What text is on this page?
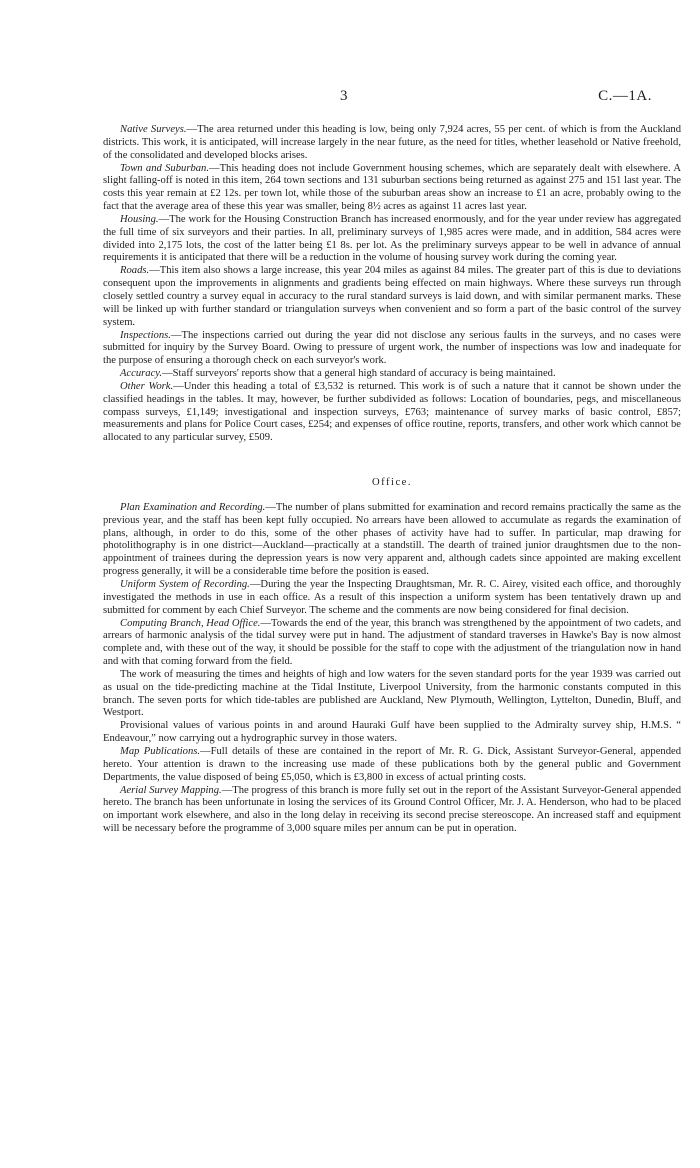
3	C.—1A.

Native Surveys.—The area returned under this heading is low, being only 7,924 acres, 55 per cent. of which is from the Auckland districts. This work, it is anticipated, will increase largely in the near future, as the need for titles, whether leasehold or Native freehold, of the consolidated and developed blocks arises.

Town and Suburban.—This heading does not include Government housing schemes, which are separately dealt with elsewhere. A slight falling-off is noted in this item, 264 town sections and 131 suburban sections being returned as against 275 and 151 last year. The costs this year remain at £2 12s. per town lot, while those of the suburban areas show an increase to £1 an acre, probably owing to the fact that the average area of these this year was smaller, being 8½ acres as against 11 acres last year.

Housing.—The work for the Housing Construction Branch has increased enormously, and for the year under review has aggregated the full time of six surveyors and their parties. In all, preliminary surveys of 1,985 acres were made, and in addition, 584 acres were divided into 2,175 lots, the cost of the latter being £1 8s. per lot. As the preliminary surveys appear to be well in advance of annual requirements it is anticipated that there will be a reduction in the volume of housing survey work during the coming year.

Roads.—This item also shows a large increase, this year 204 miles as against 84 miles. The greater part of this is due to deviations consequent upon the improvements in alignments and gradients being effected on main highways. Where these surveys run through closely settled country a survey equal in accuracy to the rural standard surveys is laid down, and with similar permanent marks. These will be linked up with further standard or triangulation surveys when convenient and so form a part of the basic control of the survey system.

Inspections.—The inspections carried out during the year did not disclose any serious faults in the surveys, and no cases were submitted for inquiry by the Survey Board. Owing to pressure of urgent work, the number of inspections was low and inadequate for the purpose of ensuring a thorough check on each surveyor's work.

Accuracy.—Staff surveyors' reports show that a general high standard of accuracy is being maintained.

Other Work.—Under this heading a total of £3,532 is returned. This work is of such a nature that it cannot be shown under the classified headings in the tables. It may, however, be further subdivided as follows: Location of boundaries, pegs, and miscellaneous compass surveys, £1,149; investigational and inspection surveys, £763; maintenance of survey marks of basic control, £857; measurements and plans for Police Court cases, £254; and expenses of office routine, reports, transfers, and other work which cannot be allocated to any particular survey, £509.

Office.

Plan Examination and Recording.—The number of plans submitted for examination and record remains practically the same as the previous year, and the staff has been kept fully occupied. No arrears have been allowed to accumulate as regards the examination of plans, although, in order to do this, some of the other phases of activity have had to suffer. In particular, map drawing for photolithography is in one district—Auckland—practically at a standstill. The dearth of trained junior draughtsmen due to the non-appointment of trainees during the depression years is now very apparent and, although cadets since appointed are making excellent progress generally, it will be a considerable time before the position is eased.

Uniform System of Recording.—During the year the Inspecting Draughtsman, Mr. R. C. Airey, visited each office, and thoroughly investigated the methods in use in each office. As a result of this inspection a uniform system has been tentatively drawn up and submitted for comment by each Chief Surveyor. The scheme and the comments are now being considered for final decision.

Computing Branch, Head Office.—Towards the end of the year, this branch was strengthened by the appointment of two cadets, and arrears of harmonic analysis of the tidal survey were put in hand. The adjustment of standard traverses in Hawke's Bay is now almost complete and, with these out of the way, it should be possible for the staff to cope with the adjustment of the triangulation now in hand and with that coming forward from the field.

The work of measuring the times and heights of high and low waters for the seven standard ports for the year 1939 was carried out as usual on the tide-predicting machine at the Tidal Institute, Liverpool University, from the harmonic constants computed in this branch. The seven ports for which tide-tables are published are Auckland, New Plymouth, Wellington, Lyttelton, Dunedin, Bluff, and Westport.

Provisional values of various points in and around Hauraki Gulf have been supplied to the Admiralty survey ship, H.M.S. “ Endeavour,” now carrying out a hydrographic survey in those waters.

Map Publications.—Full details of these are contained in the report of Mr. R. G. Dick, Assistant Surveyor-General, appended hereto. Your attention is drawn to the increasing use made of these publications both by the general public and Government Departments, the value disposed of being £5,050, which is £3,800 in excess of actual printing costs.

Aerial Survey Mapping.—The progress of this branch is more fully set out in the report of the Assistant Surveyor-General appended hereto. The branch has been unfortunate in losing the services of its Ground Control Officer, Mr. J. A. Henderson, who had to be placed on important work elsewhere, and also in the long delay in receiving its second precise stereoscope. An increased staff and equipment will be necessary before the programme of 3,000 square miles per annum can be put in operation.
